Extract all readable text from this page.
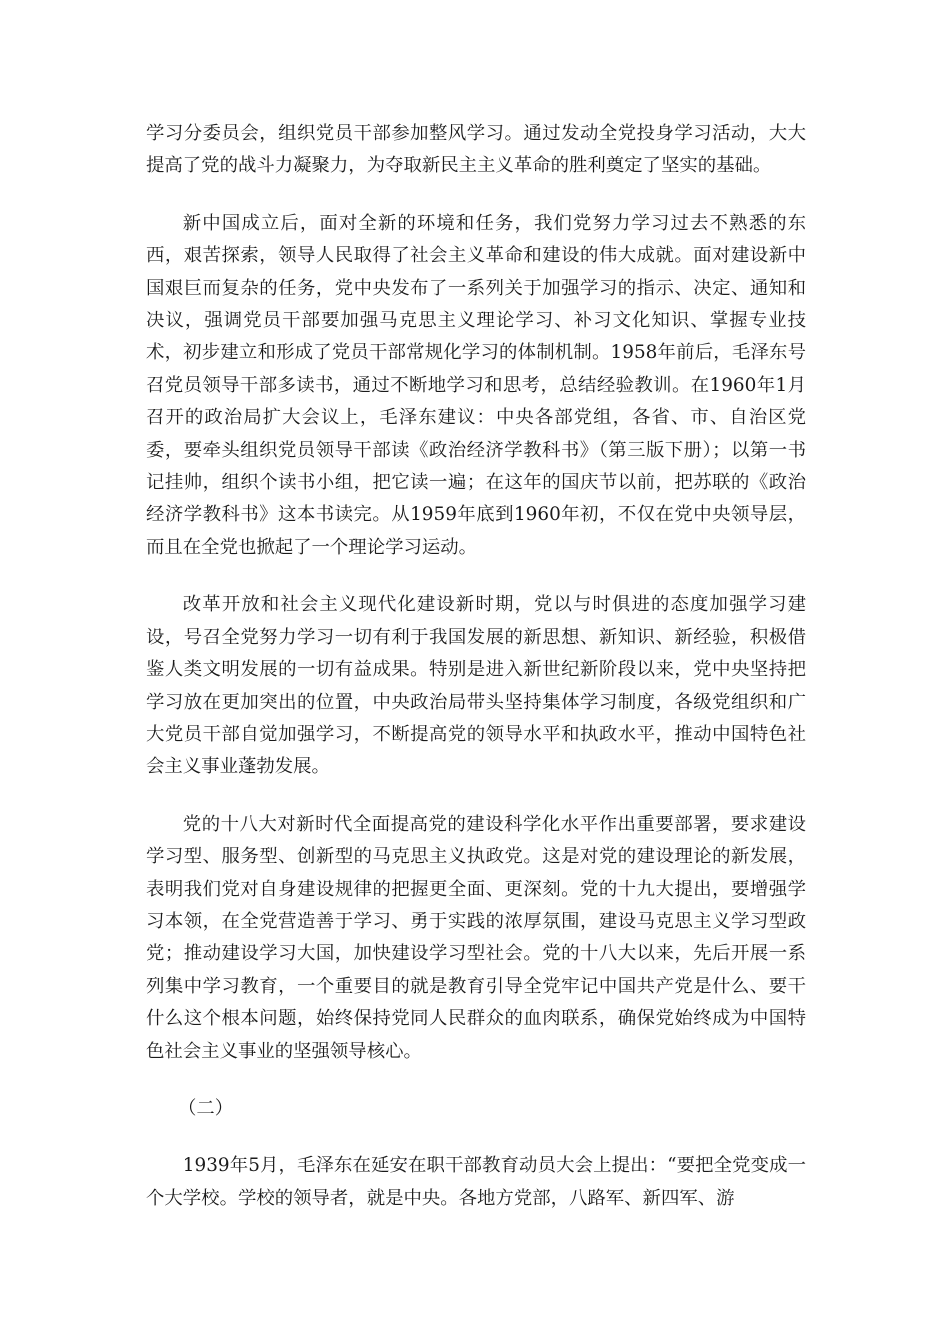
学习分委员会，组织党员干部参加整风学习。通过发动全党投身学习活动，大大提高了党的战斗力凝聚力，为夺取新民主主义革命的胜利奠定了坚实的基础。

新中国成立后，面对全新的环境和任务，我们党努力学习过去不熟悉的东西，艰苦探索，领导人民取得了社会主义革命和建设的伟大成就。面对建设新中国艰巨而复杂的任务，党中央发布了一系列关于加强学习的指示、决定、通知和决议，强调党员干部要加强马克思主义理论学习、补习文化知识、掌握专业技术，初步建立和形成了党员干部常规化学习的体制机制。1958年前后，毛泽东号召党员领导干部多读书，通过不断地学习和思考，总结经验教训。在1960年1月召开的政治局扩大会议上，毛泽东建议：中央各部党组，各省、市、自治区党委，要牵头组织党员领导干部读《政治经济学教科书》（第三版下册）；以第一书记挂帅，组织个读书小组，把它读一遍；在这年的国庆节以前，把苏联的《政治经济学教科书》这本书读完。从1959年底到1960年初，不仅在党中央领导层，而且在全党也掀起了一个理论学习运动。

改革开放和社会主义现代化建设新时期，党以与时俱进的态度加强学习建设，号召全党努力学习一切有利于我国发展的新思想、新知识、新经验，积极借鉴人类文明发展的一切有益成果。特别是进入新世纪新阶段以来，党中央坚持把学习放在更加突出的位置，中央政治局带头坚持集体学习制度，各级党组织和广大党员干部自觉加强学习，不断提高党的领导水平和执政水平，推动中国特色社会主义事业蓬勃发展。

党的十八大对新时代全面提高党的建设科学化水平作出重要部署，要求建设学习型、服务型、创新型的马克思主义执政党。这是对党的建设理论的新发展，表明我们党对自身建设规律的把握更全面、更深刻。党的十九大提出，要增强学习本领，在全党营造善于学习、勇于实践的浓厚氛围，建设马克思主义学习型政党；推动建设学习大国，加快建设学习型社会。党的十八大以来，先后开展一系列集中学习教育，一个重要目的就是教育引导全党牢记中国共产党是什么、要干什么这个根本问题，始终保持党同人民群众的血肉联系，确保党始终成为中国特色社会主义事业的坚强领导核心。

（二）

1939年5月，毛泽东在延安在职干部教育动员大会上提出：“要把全党变成一个大学校。学校的领导者，就是中央。各地方党部，八路军、新四军、游
